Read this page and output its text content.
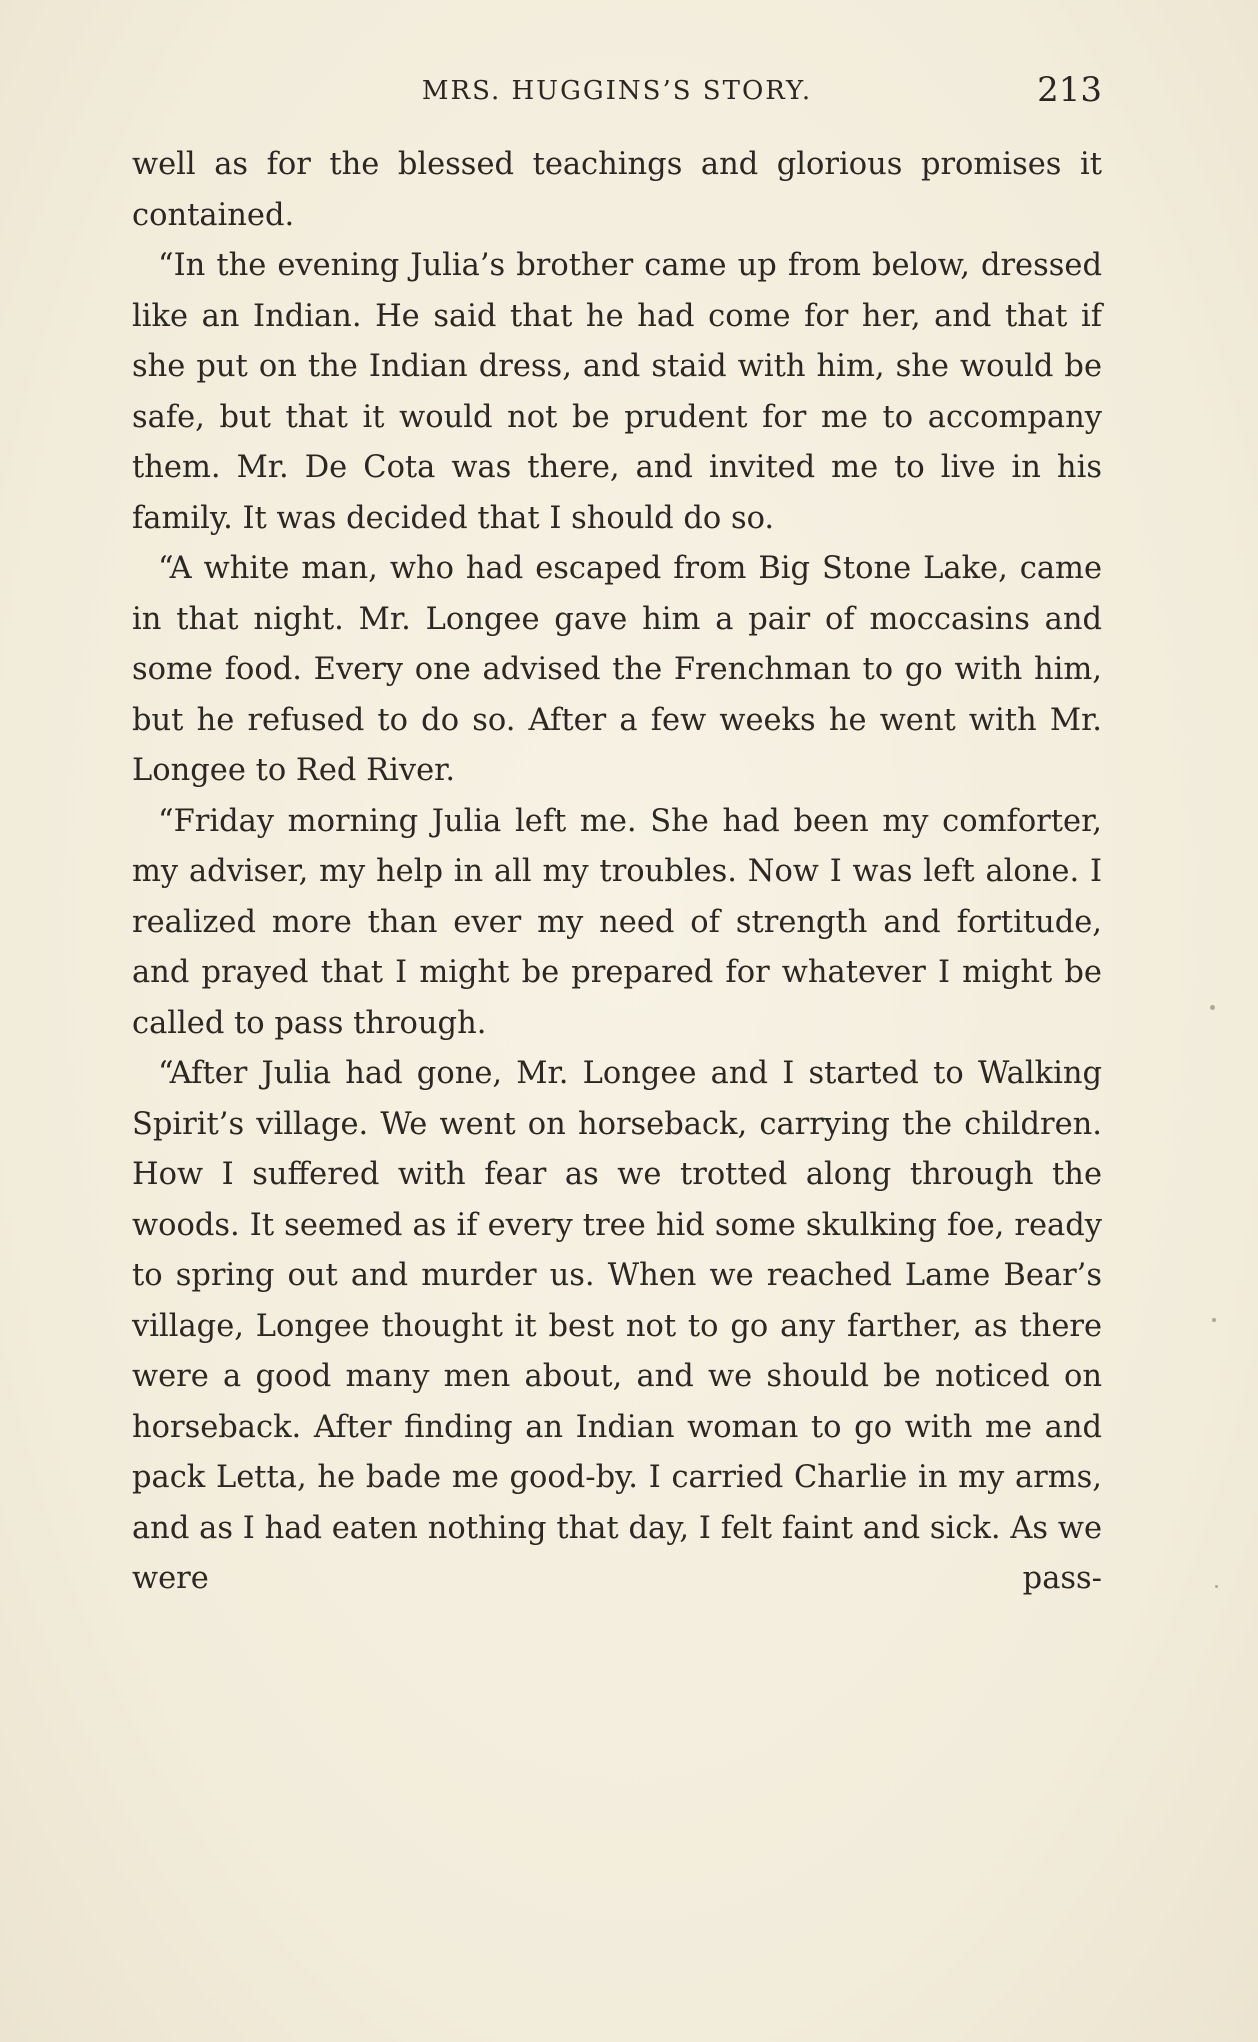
MRS. HUGGINS’S STORY.	213

well as for the blessed teachings and glorious promises it contained.

“In the evening Julia’s brother came up from below, dressed like an Indian. He said that he had come for her, and that if she put on the Indian dress, and staid with him, she would be safe, but that it would not be prudent for me to accompany them. Mr. De Cota was there, and invited me to live in his family. It was decided that I should do so.

“A white man, who had escaped from Big Stone Lake, came in that night. Mr. Longee gave him a pair of moccasins and some food. Every one advised the Frenchman to go with him, but he refused to do so. After a few weeks he went with Mr. Longee to Red River.

“Friday morning Julia left me. She had been my comforter, my adviser, my help in all my troubles. Now I was left alone. I realized more than ever my need of strength and fortitude, and prayed that I might be prepared for whatever I might be called to pass through.

“After Julia had gone, Mr. Longee and I started to Walking Spirit’s village. We went on horseback, carrying the children. How I suffered with fear as we trotted along through the woods. It seemed as if every tree hid some skulking foe, ready to spring out and murder us. When we reached Lame Bear’s village, Longee thought it best not to go any farther, as there were a good many men about, and we should be noticed on horseback. After finding an Indian woman to go with me and pack Letta, he bade me good-by. I carried Charlie in my arms, and as I had eaten nothing that day, I felt faint and sick. As we were pass-
